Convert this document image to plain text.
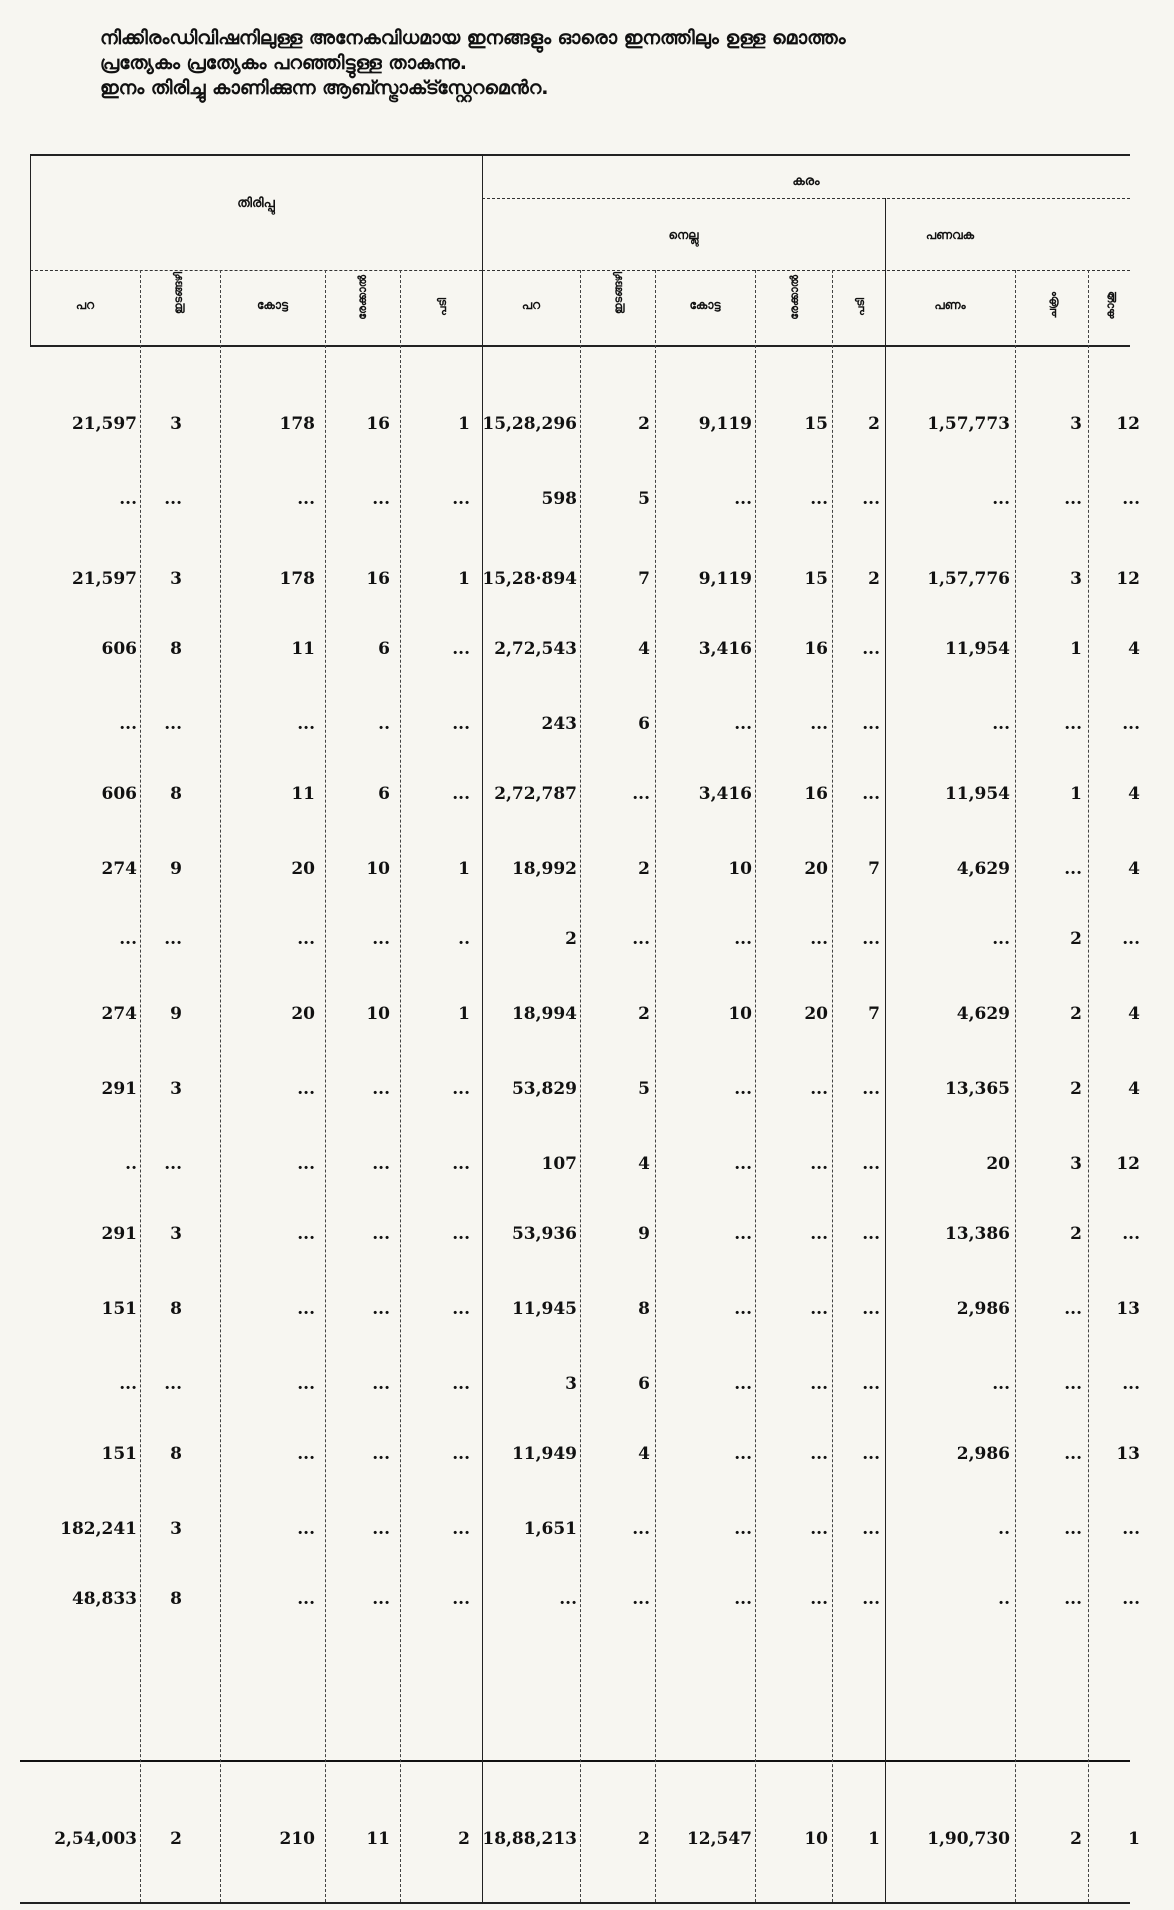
നിക്കിരംഡിവിഷനിലുള്ള അനേകവിധമായ ഇനങ്ങളും ഓരൊ ഇനത്തിലും ഉള്ള മൊത്തം
പ്രത്യേകം പ്രത്യേകം പറഞ്ഞിട്ടുള്ള താകുന്നു.
ഇനം തിരിച്ചു കാണിക്കുന്ന ആബ്സ്ട്രാക്ട്സ്റ്റേറമെൻറ.
തിരിപ്പു
കരം
നെല്ലു	പണവക
പറ	ഇടങ്ങഴി	കോട്ട	രേക്കാൽ	പടി	പറ	ഇടങ്ങഴി	കോട്ട	രേക്കാൽ	പടി	പണം	ചക്രം	കാശു
21,597	3	178	16	1 15,28,296	2	9,119	15	2	1,57,773	3	12
...	...	...	...	...	598	5	...	...	...	...	...	...
21,597	3	178	16	1 15,28·894	7	9,119	15	2	1,57,776	3	12
606	8	11	6	...	2,72,543	4	3,416	16	...	11,954	1	4
...	...	...	..	...	243	6	...	...	...	...	...	...
606	8	11	6	...	2,72,787	...	3,416	16	...	11,954	1	4
274	9	20	10	1	18,992	2	10	20	7	4,629	...	4
...	...	...	...	..	2	...	...	...	...	...	2	...
274	9	20	10	1	18,994	2	10	20	7	4,629	2	4
291	3	...	...	...	53,829	5	...	...	...	13,365	2	4
..	...	...	...	...	107	4	...	...	...	20	3	12
291	3	...	...	...	53,936	9	...	...	...	13,386	2	...
151	8	...	...	...	11,945	8	...	...	...	2,986	...	13
...	...	...	...	...	3	6	...	...	...	...	...	...
151	8	...	...	...	11,949	4	...	...	...	2,986	...	13
182,241	3	...	...	...	1,651	...	...	...	...	..	...	...
48,833	8	...	...	...	...	...	...	...	...	..	...	...
2,54,003	2	210	11	2 18,88,213	2	12,547	10	1	1,90,730	2	1
